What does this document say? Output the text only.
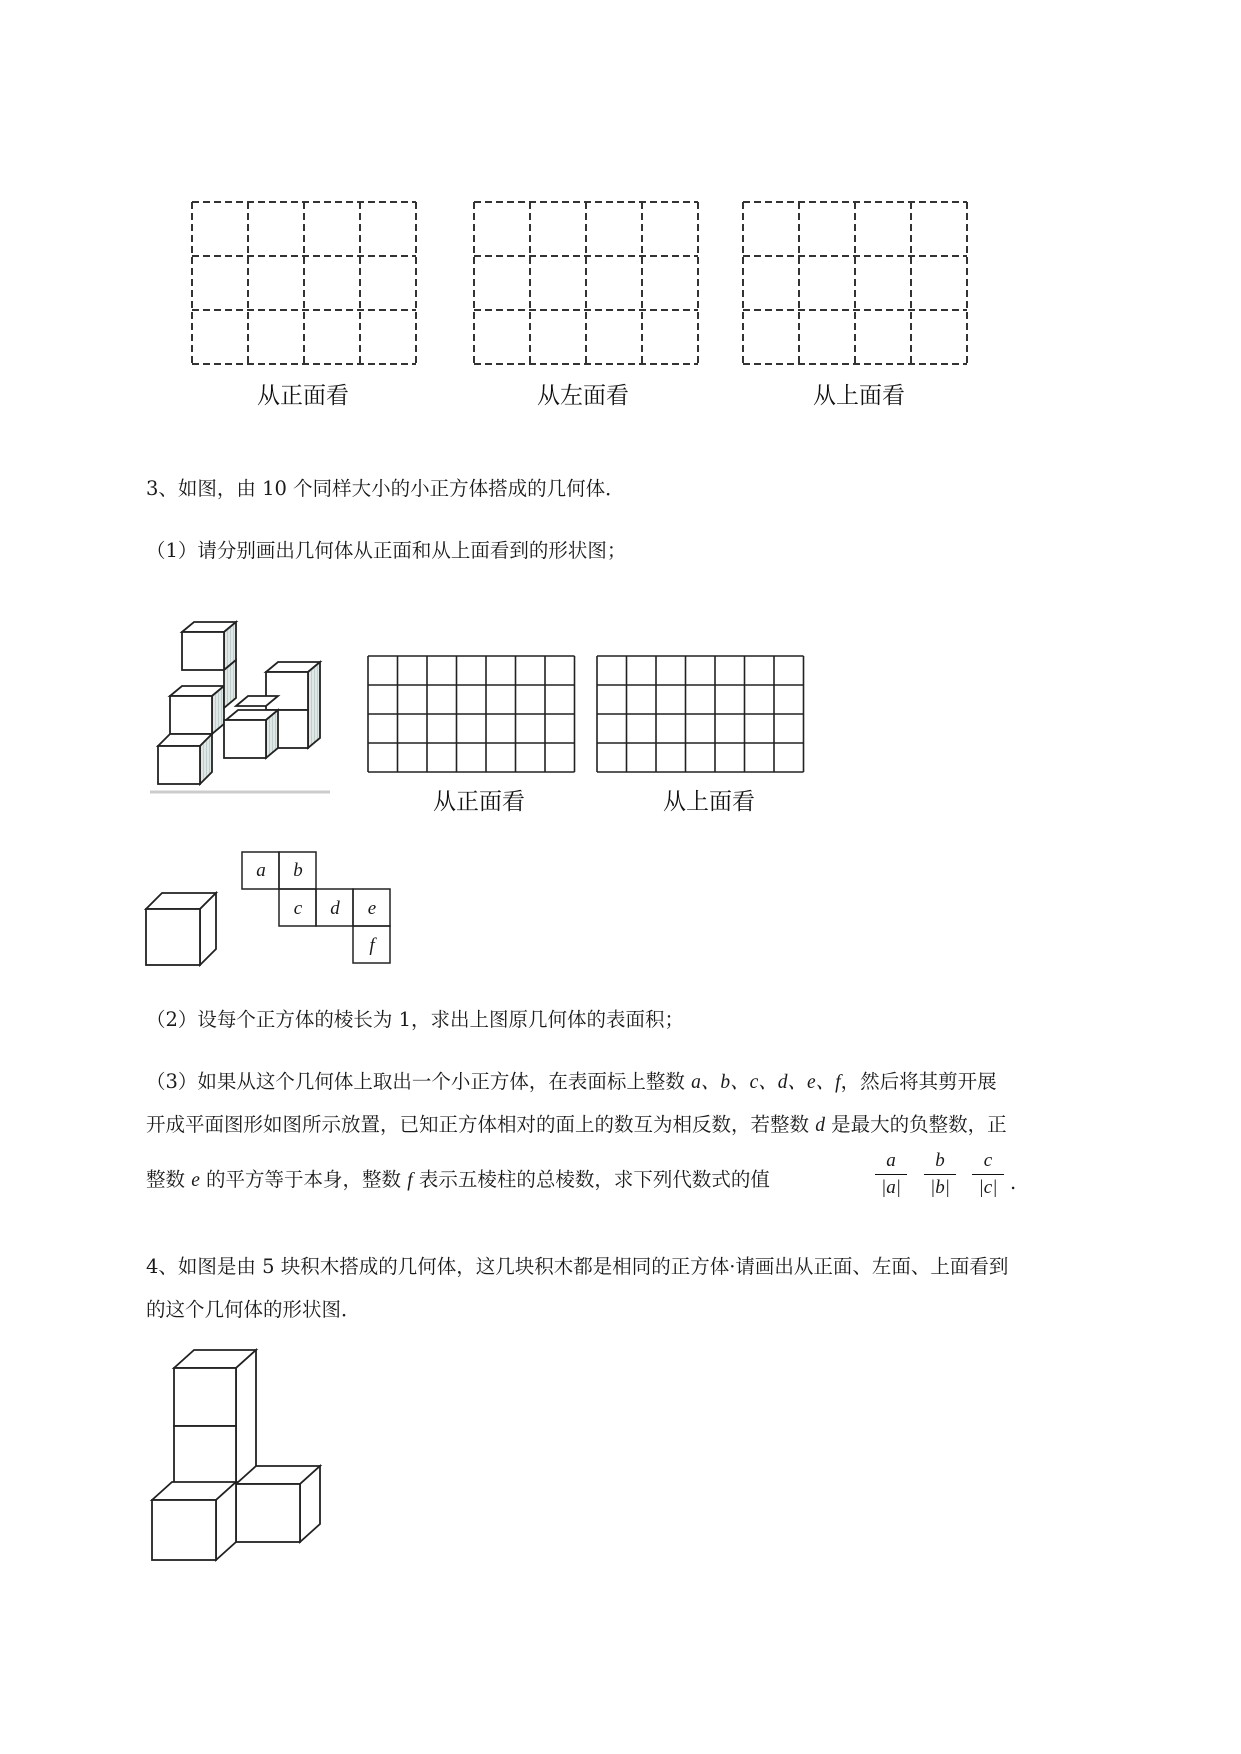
从正面看	从左面看	从上面看
3、如图，由 10 个同样大小的小正方体搭成的几何体．
（1）请分别画出几何体从正面和从上面看到的形状图；
从正面看	从上面看
a	b
c	d	e
f
（2）设每个正方体的棱长为 1，求出上图原几何体的表面积；
（3）如果从这个几何体上取出一个小正方体，在表面标上整数 a、b、c、d、e、f，然后将其剪开展
开成平面图形如图所示放置，已知正方体相对的面上的数互为相反数，若整数 d 是最大的负整数，正
整数 e 的平方等于本身，整数 f 表示五棱柱的总棱数，求下列代数式的值
a
|a|
b
|b|
c
|c| .
4、如图是由 5 块积木搭成的几何体，这几块积木都是相同的正方体·请画出从正面、左面、上面看到
的这个几何体的形状图．
